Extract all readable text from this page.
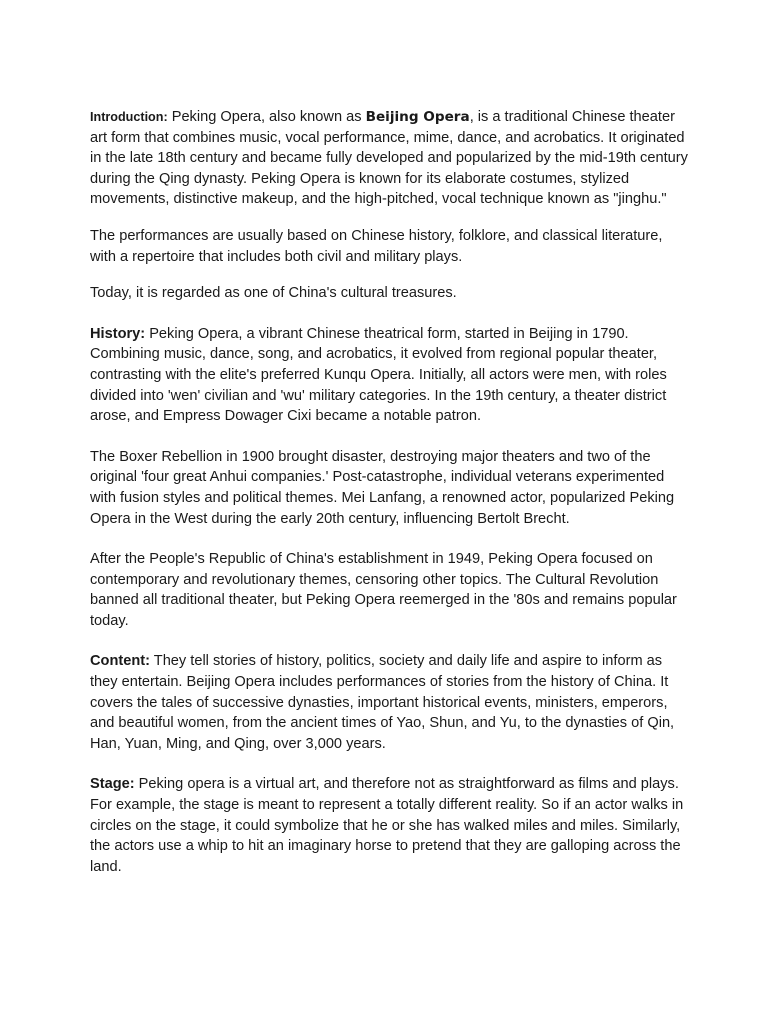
Introduction: Peking Opera, also known as Beijing Opera, is a traditional Chinese theater art form that combines music, vocal performance, mime, dance, and acrobatics. It originated in the late 18th century and became fully developed and popularized by the mid-19th century during the Qing dynasty. Peking Opera is known for its elaborate costumes, stylized movements, distinctive makeup, and the high-pitched, vocal technique known as "jinghu."

The performances are usually based on Chinese history, folklore, and classical literature, with a repertoire that includes both civil and military plays.

Today, it is regarded as one of China's cultural treasures.

History: Peking Opera, a vibrant Chinese theatrical form, started in Beijing in 1790. Combining music, dance, song, and acrobatics, it evolved from regional popular theater, contrasting with the elite's preferred Kunqu Opera. Initially, all actors were men, with roles divided into 'wen' civilian and 'wu' military categories. In the 19th century, a theater district arose, and Empress Dowager Cixi became a notable patron.

The Boxer Rebellion in 1900 brought disaster, destroying major theaters and two of the original 'four great Anhui companies.' Post-catastrophe, individual veterans experimented with fusion styles and political themes. Mei Lanfang, a renowned actor, popularized Peking Opera in the West during the early 20th century, influencing Bertolt Brecht.

After the People's Republic of China's establishment in 1949, Peking Opera focused on contemporary and revolutionary themes, censoring other topics. The Cultural Revolution banned all traditional theater, but Peking Opera reemerged in the '80s and remains popular today.

Content: They tell stories of history, politics, society and daily life and aspire to inform as they entertain. Beijing Opera includes performances of stories from the history of China. It covers the tales of successive dynasties, important historical events, ministers, emperors, and beautiful women, from the ancient times of Yao, Shun, and Yu, to the dynasties of Qin, Han, Yuan, Ming, and Qing, over 3,000 years.

Stage: Peking opera is a virtual art, and therefore not as straightforward as films and plays. For example, the stage is meant to represent a totally different reality. So if an actor walks in circles on the stage, it could symbolize that he or she has walked miles and miles. Similarly, the actors use a whip to hit an imaginary horse to pretend that they are galloping across the land.
